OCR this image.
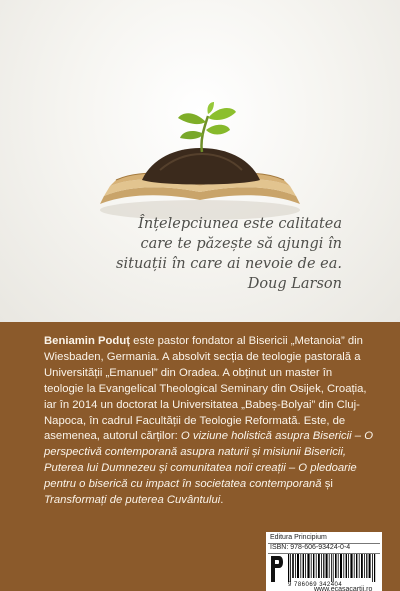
Înțelepciunea este calitatea
care te păzește să ajungi în
situații în care ai nevoie de ea.
Doug Larson
Beniamin Poduț este pastor fondator al Bisericii „Metanoia” din Wiesbaden, Germania. A absolvit secția de teologie pastorală a Universității „Emanuel” din Oradea. A obținut un master în teologie la Evangelical Theological Seminary din Osijek, Croația, iar în 2014 un doctorat la Universitatea „Babeș-Bolyai” din Cluj-Napoca, în cadrul Facultății de Teologie Reformată. Este, de asemenea, autorul cărților: O viziune holistică asupra Bisericii – O perspectivă contemporană asupra naturii și misiunii Bisericii, Puterea lui Dumnezeu și comunitatea noii creații – O pledoarie pentru o biserică cu impact în societatea contemporană și Transformați de puterea Cuvântului.
Editura Principium
ISBN: 978-606-93424-0-4
9 786069 342404
www.ecasacartii.ro
